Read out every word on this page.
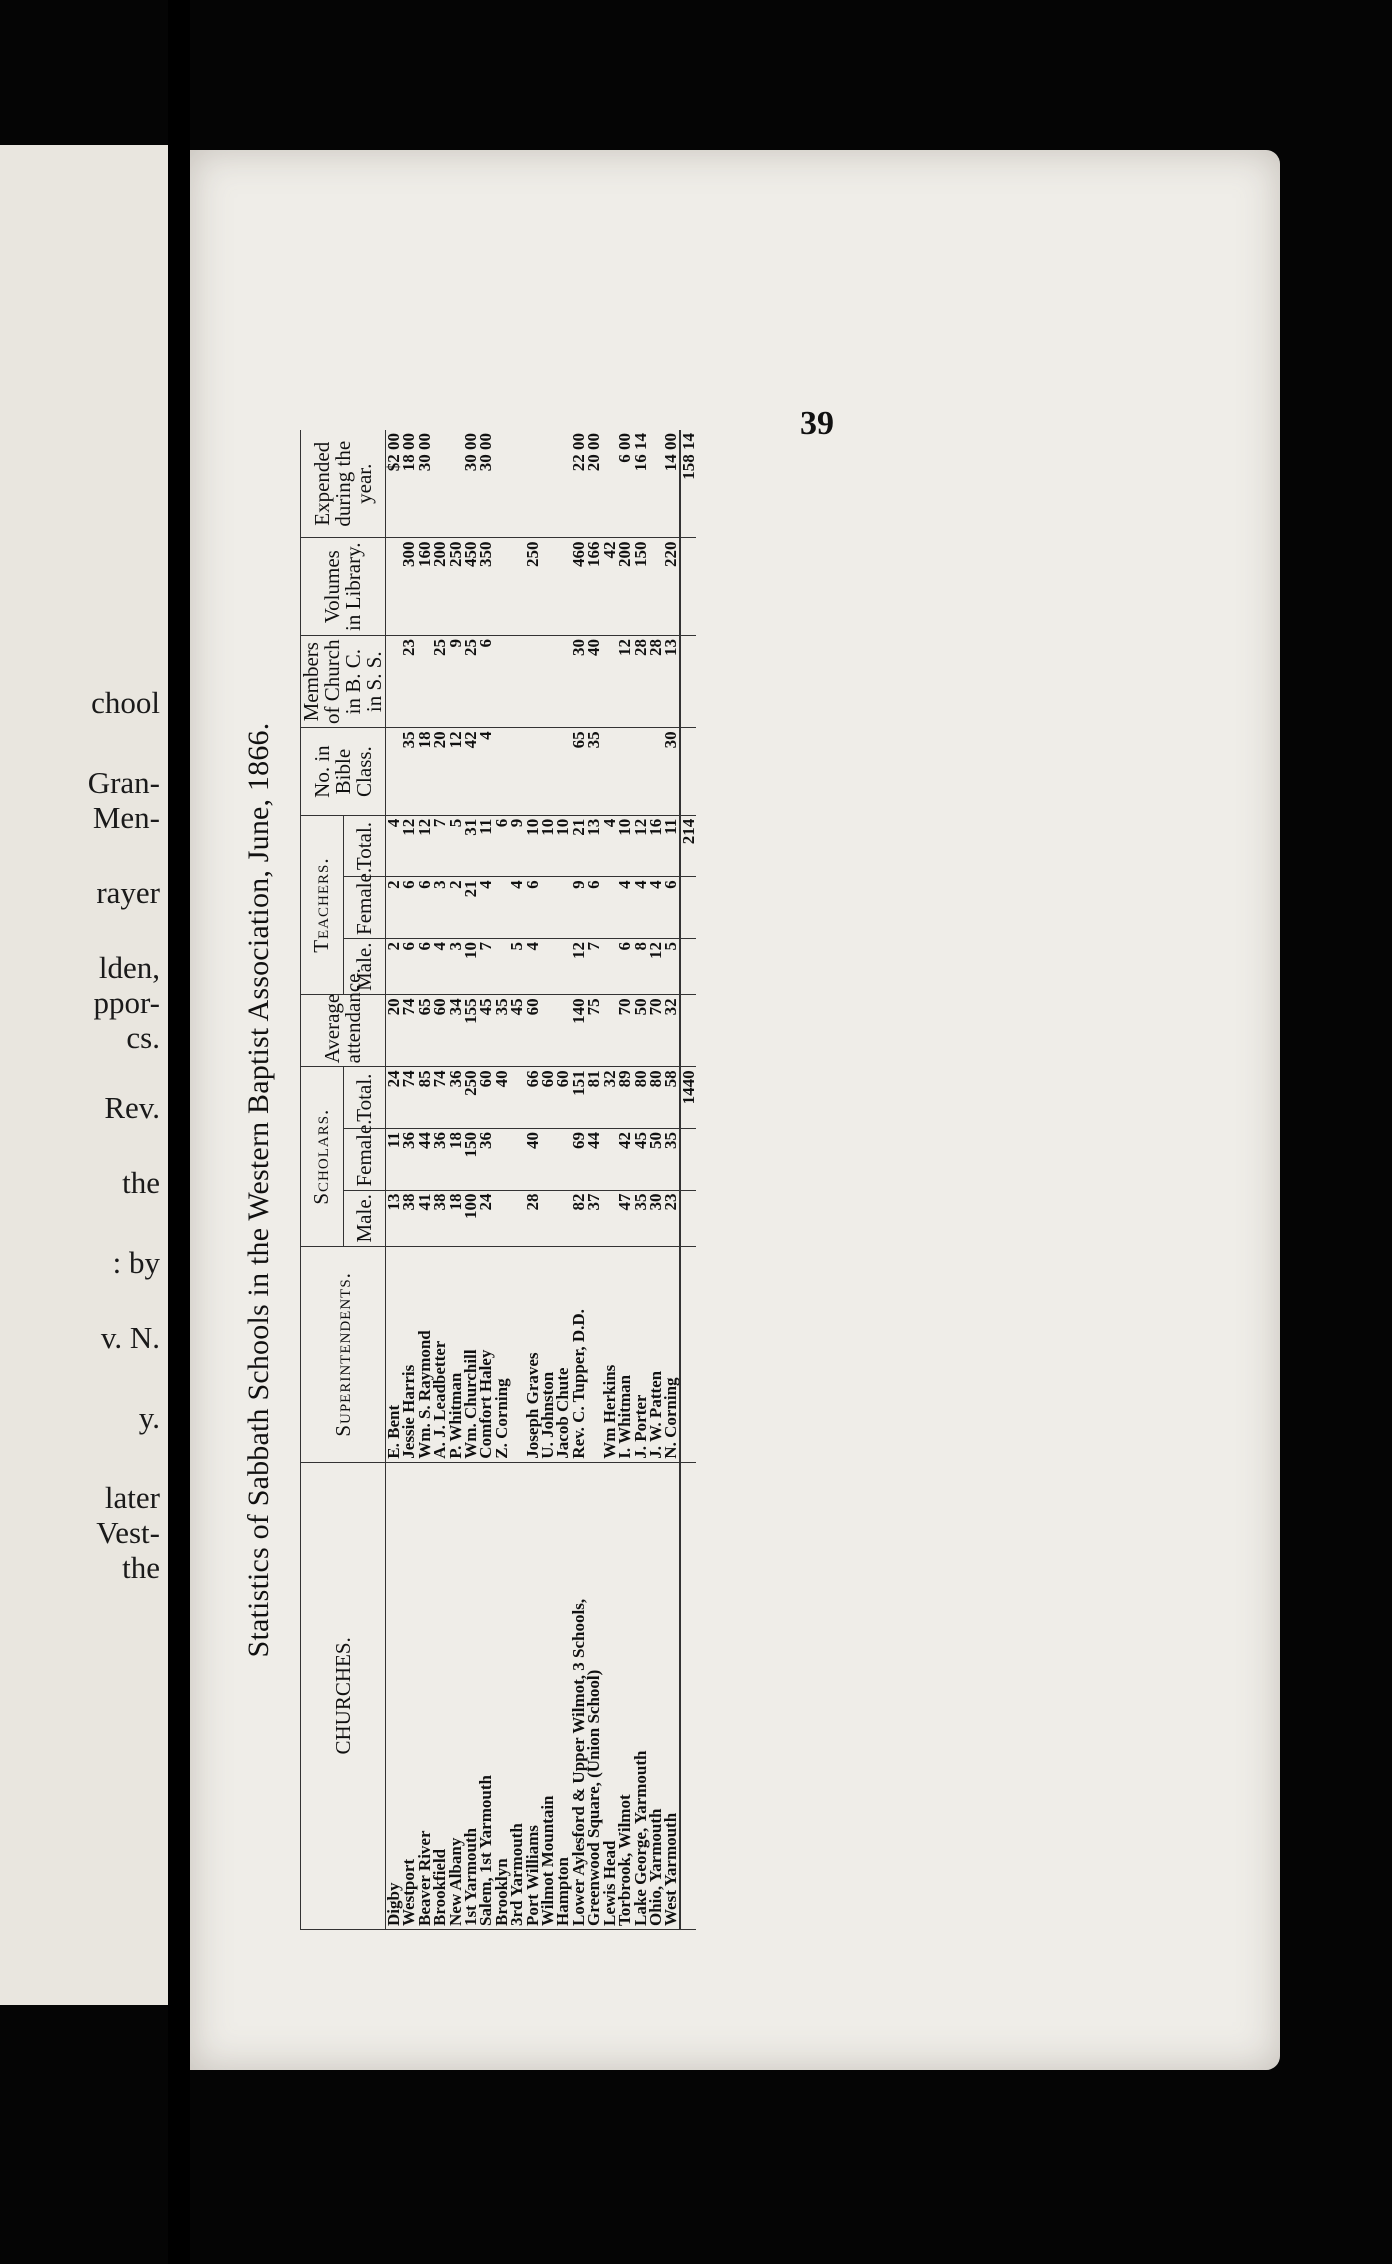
chool
Gran-
Men-
rayer
lden,
ppor-
cs.
Rev.
the
: by
v. N.
y.
later
Vest-
the
39
Statistics of Sabbath Schools in the Western Baptist Association, June, 1866.
CHURCHES.	Superintendents.	Scholars.			Average attendance.	Teachers.			No. in Bible Class.	Members of Church in B. C. in S. S.	Volumes in Library.	Expended during the year.
		Male.	Female.	Total.		Male.	Female.	Total.				
Digby	E. Bent	13	11	24	20	2	2	4				$2 00
Westport	Jessie Harris	38	36	74	74	6	6	12	35	23	300	18 00
Beaver River	Wm. S. Raymond	41	44	85	65	6	6	12	18		160	30 00
Brookfield	A. J. Leadbetter	38	36	74	60	4	3	7	20	25	200	
New Albany	P. Whitman	18	18	36	34	3	2	5	12	9	250	
1st Yarmouth	Wm. Churchill	100	150	250	155	10	21	31	42	25	450	30 00
Salem, 1st Yarmouth	Comfort Haley	24	36	60	45	7	4	11	4	6	350	30 00
Brooklyn	Z. Corning			40	35			6				
3rd Yarmouth					45	5	4	9				
Port Williams	Joseph Graves	28	40	66	60	4	6	10			250	
Wilmot Mountain	U. Johnston			60				10				
Hampton	Jacob Chute			60				10				
Lower Aylesford & Upper Wilmot, 3 Schools,	Rev. C. Tupper, D.D.	82	69	151	140	12	9	21	65	30	460	22 00
Greenwood Square, (Union School)		37	44	81	75	7	6	13	35	40	166	20 00
Lewis Head	Wm Herkins			32				4			42	
Torbrook, Wilmot	I. Whitman	47	42	89	70	6	4	10		12	200	6 00
Lake George, Yarmouth	J. Porter	35	45	80	50	8	4	12		28	150	16 14
Ohio, Yarmouth	J. W. Patten	30	50	80	70	12	4	16		28		
West Yarmouth	N. Corning	23	35	58	32	5	6	11	30	13	220	14 00
				1440				214				158 14
